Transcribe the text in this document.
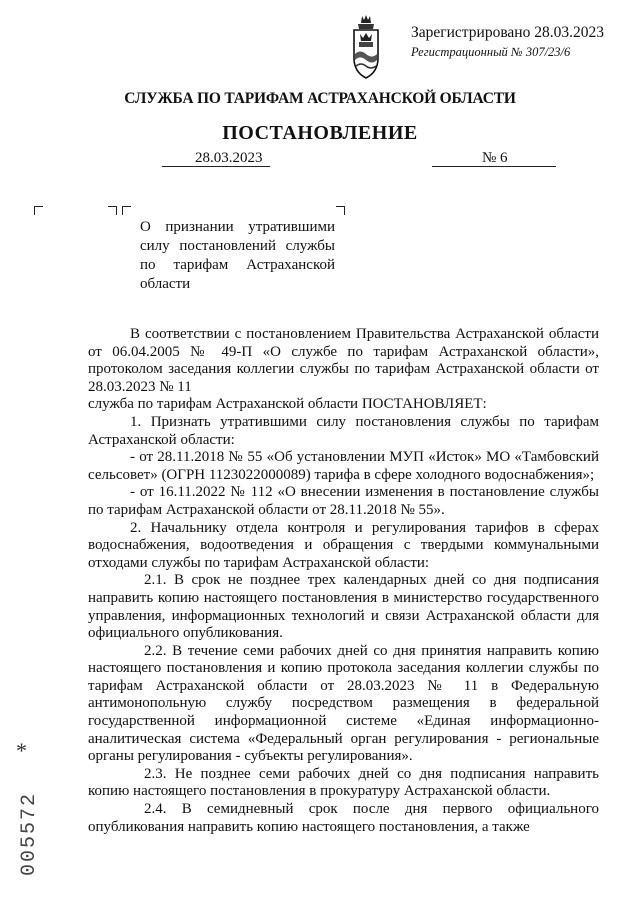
Зарегистрировано 28.03.2023
Регистрационный № 307/23/6
СЛУЖБА ПО ТАРИФАМ АСТРАХАНСКОЙ ОБЛАСТИ
ПОСТАНОВЛЕНИЕ
28.03.2023	№ 6
О признании утратившими силу постановлений службы по тарифам Астраханской области

В соответствии с постановлением Правительства Астраханской области от 06.04.2005 № 49-П «О службе по тарифам Астраханской области», протоколом заседания коллегии службы по тарифам Астраханской области от 28.03.2023 № 11

служба по тарифам Астраханской области ПОСТАНОВЛЯЕТ:

1. Признать утратившими силу постановления службы по тарифам Астраханской области:

- от 28.11.2018 № 55 «Об установлении МУП «Исток» МО «Тамбовский сельсовет» (ОГРН 1123022000089) тарифа в сфере холодного водоснабжения»;

- от 16.11.2022 № 112 «О внесении изменения в постановление службы по тарифам Астраханской области от 28.11.2018 № 55».

2. Начальнику отдела контроля и регулирования тарифов в сферах водоснабжения, водоотведения и обращения с твердыми коммунальными отходами службы по тарифам Астраханской области:

2.1. В срок не позднее трех календарных дней со дня подписания направить копию настоящего постановления в министерство государственного управления, информационных технологий и связи Астраханской области для официального опубликования.

2.2. В течение семи рабочих дней со дня принятия направить копию настоящего постановления и копию протокола заседания коллегии службы по тарифам Астраханской области от 28.03.2023 № 11 в Федеральную антимонопольную службу посредством размещения в федеральной государственной информационной системе «Единая информационно-аналитическая система «Федеральный орган регулирования - региональные органы регулирования - субъекты регулирования».

2.3. Не позднее семи рабочих дней со дня подписания направить копию настоящего постановления в прокуратуру Астраханской области.

2.4. В семидневный срок после дня первого официального опубликования направить копию настоящего постановления, а также

*
005572
